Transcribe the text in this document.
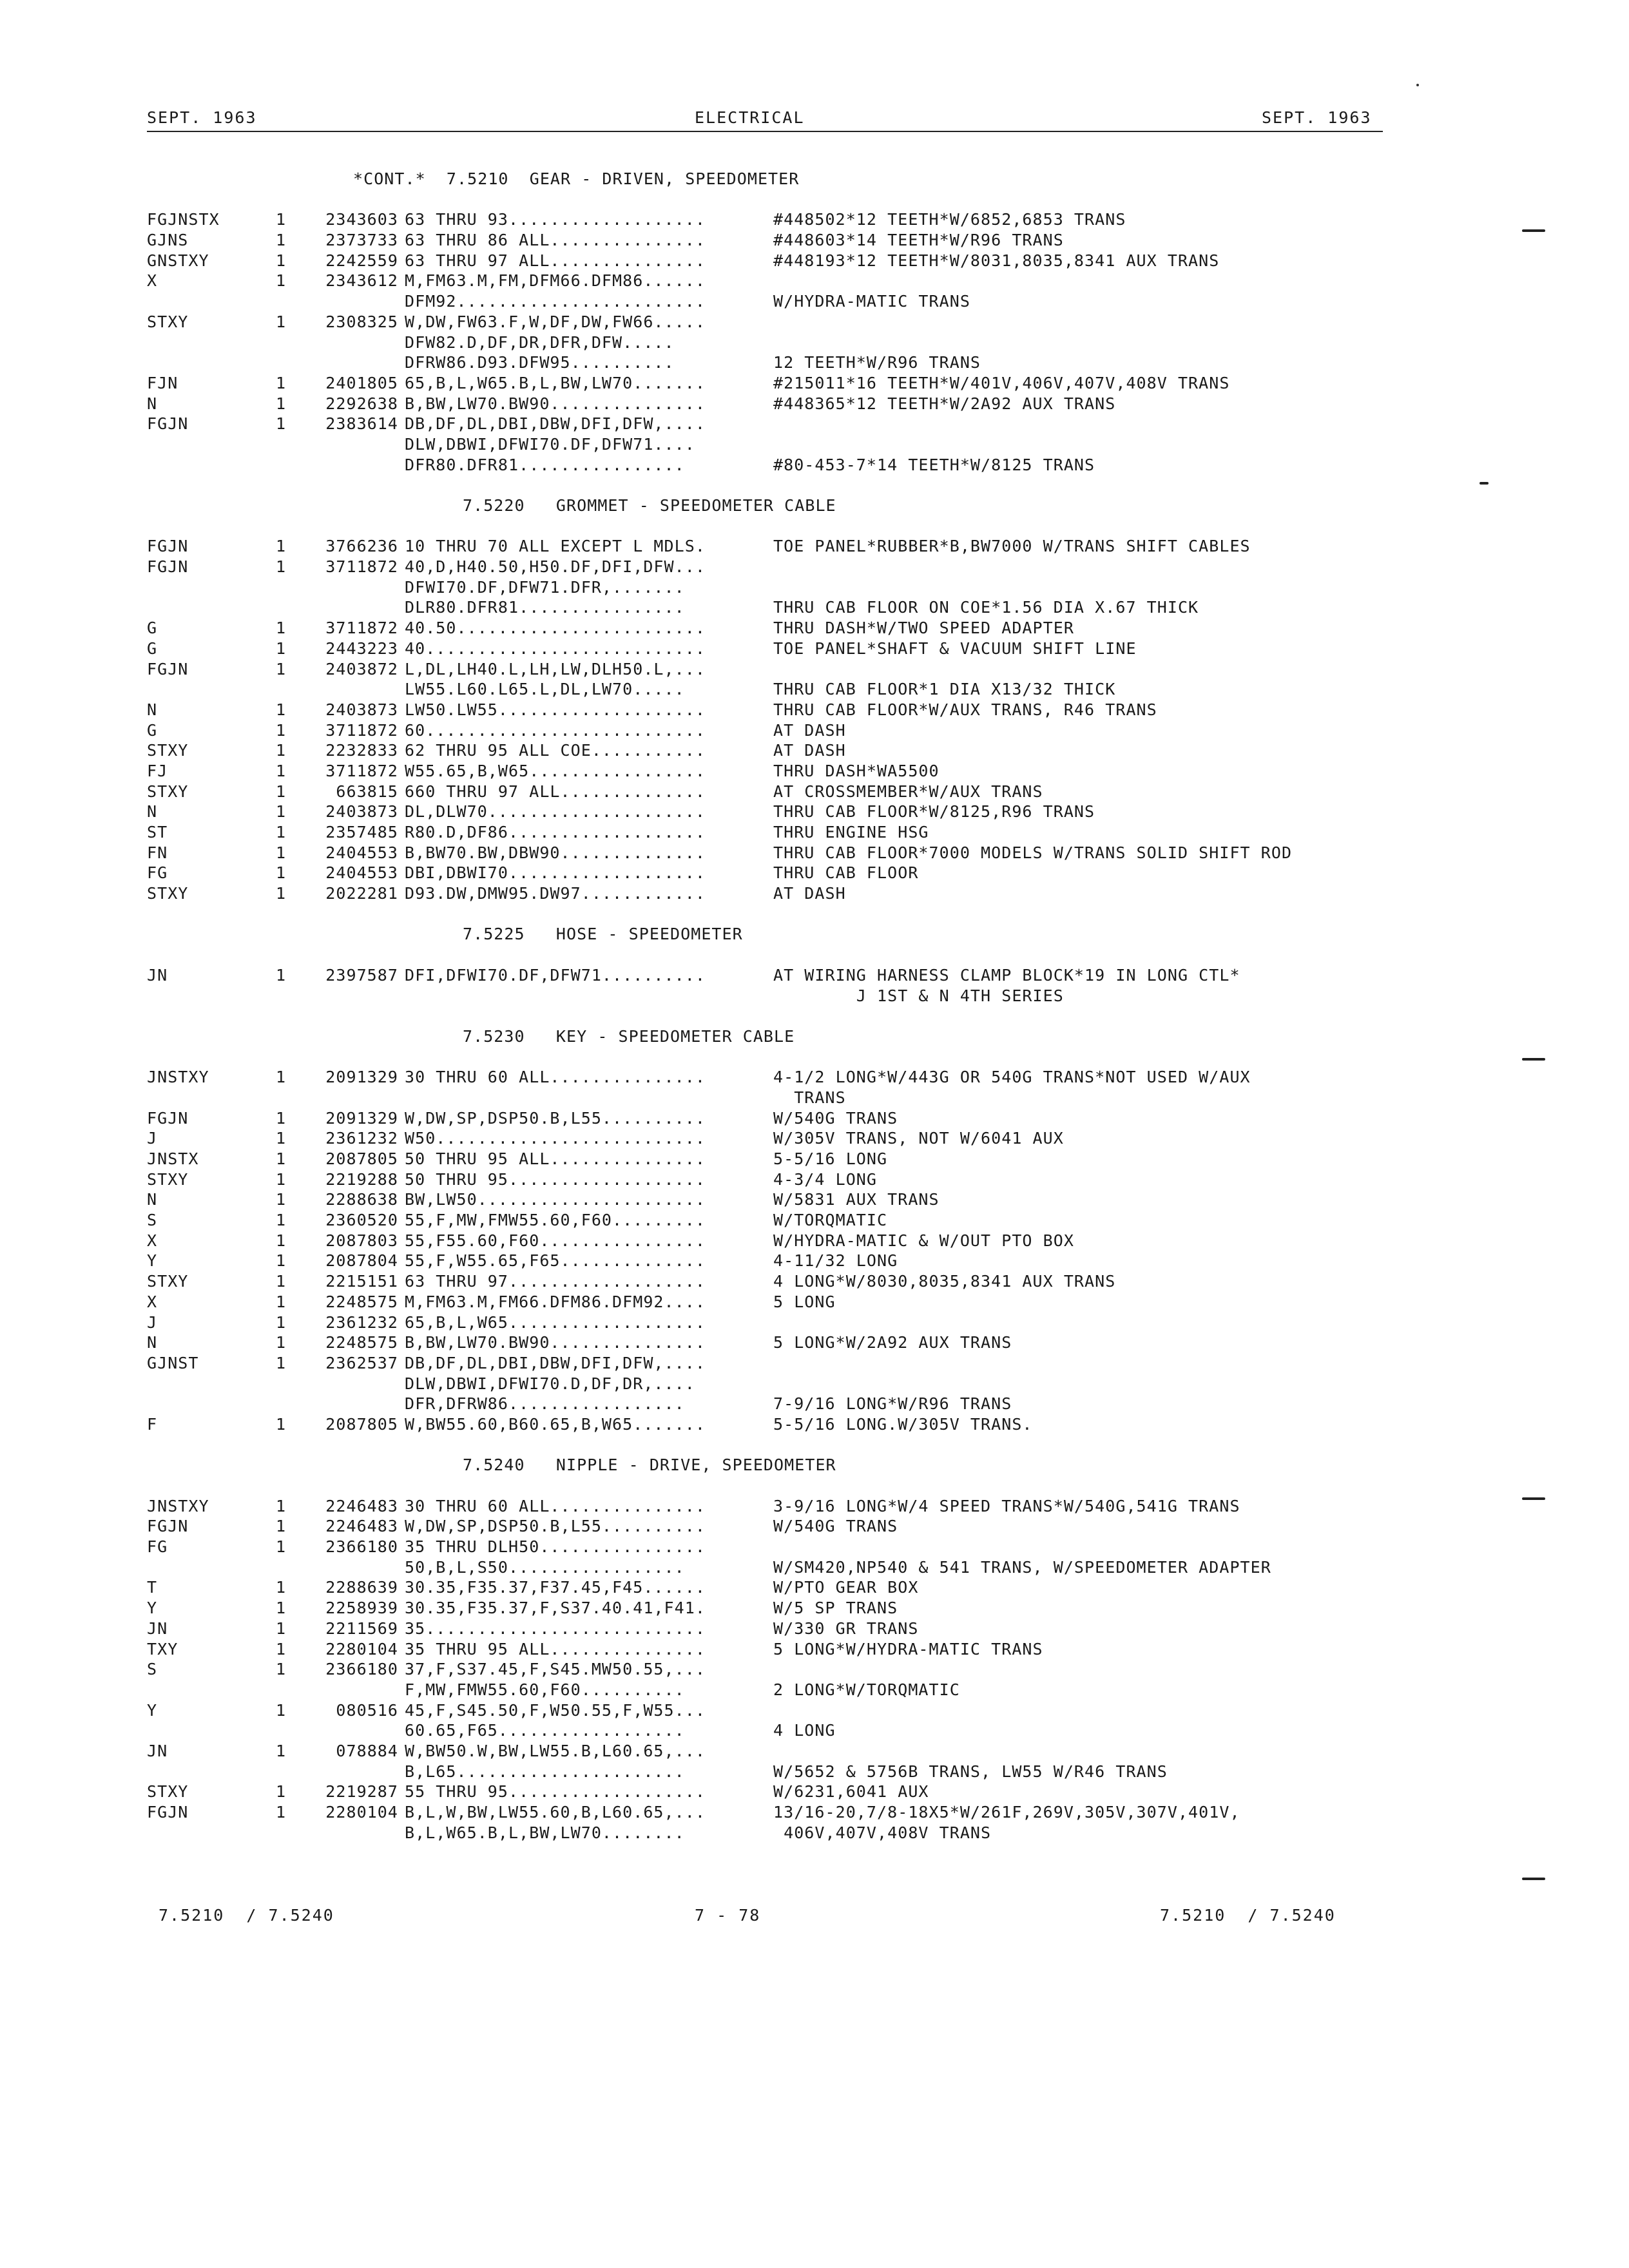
SEPT. 1963	ELECTRICAL	SEPT. 1963
*CONT.*  7.5210  GEAR - DRIVEN, SPEEDOMETER
FGJNSTX	1	2343603 63 THRU 93...................	#448502*12 TEETH*W/6852,6853 TRANS
GJNS	1	2373733 63 THRU 86 ALL...............	#448603*14 TEETH*W/R96 TRANS
GNSTXY	1	2242559 63 THRU 97 ALL...............	#448193*12 TEETH*W/8031,8035,8341 AUX TRANS
X	1	2343612 M,FM63.M,FM,DFM66.DFM86......
DFM92........................	W/HYDRA-MATIC TRANS
STXY	1	2308325 W,DW,FW63.F,W,DF,DW,FW66.....
DFW82.D,DF,DR,DFR,DFW.....
DFRW86.D93.DFW95..........	12 TEETH*W/R96 TRANS
FJN	1	2401805 65,B,L,W65.B,L,BW,LW70.......	#215011*16 TEETH*W/401V,406V,407V,408V TRANS
N	1	2292638 B,BW,LW70.BW90...............	#448365*12 TEETH*W/2A92 AUX TRANS
FGJN	1	2383614 DB,DF,DL,DBI,DBW,DFI,DFW,....
DLW,DBWI,DFWI70.DF,DFW71....
DFR80.DFR81................	#80-453-7*14 TEETH*W/8125 TRANS
7.5220   GROMMET - SPEEDOMETER CABLE
FGJN	1	3766236 10 THRU 70 ALL EXCEPT L MDLS.	TOE PANEL*RUBBER*B,BW7000 W/TRANS SHIFT CABLES
FGJN	1	3711872 40,D,H40.50,H50.DF,DFI,DFW...
DFWI70.DF,DFW71.DFR,.......
DLR80.DFR81................	THRU CAB FLOOR ON COE*1.56 DIA X.67 THICK
G	1	3711872 40.50........................	THRU DASH*W/TWO SPEED ADAPTER
G	1	2443223 40...........................	TOE PANEL*SHAFT & VACUUM SHIFT LINE
FGJN	1	2403872 L,DL,LH40.L,LH,LW,DLH50.L,...
LW55.L60.L65.L,DL,LW70.....	THRU CAB FLOOR*1 DIA X13/32 THICK
N	1	2403873 LW50.LW55....................	THRU CAB FLOOR*W/AUX TRANS, R46 TRANS
G	1	3711872 60...........................	AT DASH
STXY	1	2232833 62 THRU 95 ALL COE...........	AT DASH
FJ	1	3711872 W55.65,B,W65.................	THRU DASH*WA5500
STXY	1	663815 660 THRU 97 ALL..............	AT CROSSMEMBER*W/AUX TRANS
N	1	2403873 DL,DLW70.....................	THRU CAB FLOOR*W/8125,R96 TRANS
ST	1	2357485 R80.D,DF86...................	THRU ENGINE HSG
FN	1	2404553 B,BW70.BW,DBW90..............	THRU CAB FLOOR*7000 MODELS W/TRANS SOLID SHIFT ROD
FG	1	2404553 DBI,DBWI70...................	THRU CAB FLOOR
STXY	1	2022281 D93.DW,DMW95.DW97............	AT DASH
7.5225   HOSE - SPEEDOMETER
JN	1	2397587 DFI,DFWI70.DF,DFW71..........	AT WIRING HARNESS CLAMP BLOCK*19 IN LONG CTL*
J 1ST & N 4TH SERIES
7.5230   KEY - SPEEDOMETER CABLE
JNSTXY	1	2091329 30 THRU 60 ALL...............	4-1/2 LONG*W/443G OR 540G TRANS*NOT USED W/AUX
TRANS
FGJN	1	2091329 W,DW,SP,DSP50.B,L55..........	W/540G TRANS
J	1	2361232 W50..........................	W/305V TRANS, NOT W/6041 AUX
JNSTX	1	2087805 50 THRU 95 ALL...............	5-5/16 LONG
STXY	1	2219288 50 THRU 95...................	4-3/4 LONG
N	1	2288638 BW,LW50......................	W/5831 AUX TRANS
S	1	2360520 55,F,MW,FMW55.60,F60.........	W/TORQMATIC
X	1	2087803 55,F55.60,F60................	W/HYDRA-MATIC & W/OUT PTO BOX
Y	1	2087804 55,F,W55.65,F65..............	4-11/32 LONG
STXY	1	2215151 63 THRU 97...................	4 LONG*W/8030,8035,8341 AUX TRANS
X	1	2248575 M,FM63.M,FM66.DFM86.DFM92....	5 LONG
J	1	2361232 65,B,L,W65...................
N	1	2248575 B,BW,LW70.BW90...............	5 LONG*W/2A92 AUX TRANS
GJNST	1	2362537 DB,DF,DL,DBI,DBW,DFI,DFW,....
DLW,DBWI,DFWI70.D,DF,DR,....
DFR,DFRW86.................	7-9/16 LONG*W/R96 TRANS
F	1	2087805 W,BW55.60,B60.65,B,W65.......	5-5/16 LONG.W/305V TRANS.
7.5240   NIPPLE - DRIVE, SPEEDOMETER
JNSTXY	1	2246483 30 THRU 60 ALL...............	3-9/16 LONG*W/4 SPEED TRANS*W/540G,541G TRANS
FGJN	1	2246483 W,DW,SP,DSP50.B,L55..........	W/540G TRANS
FG	1	2366180 35 THRU DLH50................
50,B,L,S50.................	W/SM420,NP540 & 541 TRANS, W/SPEEDOMETER ADAPTER
T	1	2288639 30.35,F35.37,F37.45,F45......	W/PTO GEAR BOX
Y	1	2258939 30.35,F35.37,F,S37.40.41,F41.	W/5 SP TRANS
JN	1	2211569 35...........................	W/330 GR TRANS
TXY	1	2280104 35 THRU 95 ALL...............	5 LONG*W/HYDRA-MATIC TRANS
S	1	2366180 37,F,S37.45,F,S45.MW50.55,...
F,MW,FMW55.60,F60..........	2 LONG*W/TORQMATIC
Y	1	080516 45,F,S45.50,F,W50.55,F,W55...
60.65,F65..................	4 LONG
JN	1	078884 W,BW50.W,BW,LW55.B,L60.65,...
B,L65......................	W/5652 & 5756B TRANS, LW55 W/R46 TRANS
STXY	1	2219287 55 THRU 95...................	W/6231,6041 AUX
FGJN	1	2280104 B,L,W,BW,LW55.60,B,L60.65,...	13/16-20,7/8-18X5*W/261F,269V,305V,307V,401V,
B,L,W65.B,L,BW,LW70........	406V,407V,408V TRANS
7.5210  / 7.5240	7 - 78	7.5210  / 7.5240
